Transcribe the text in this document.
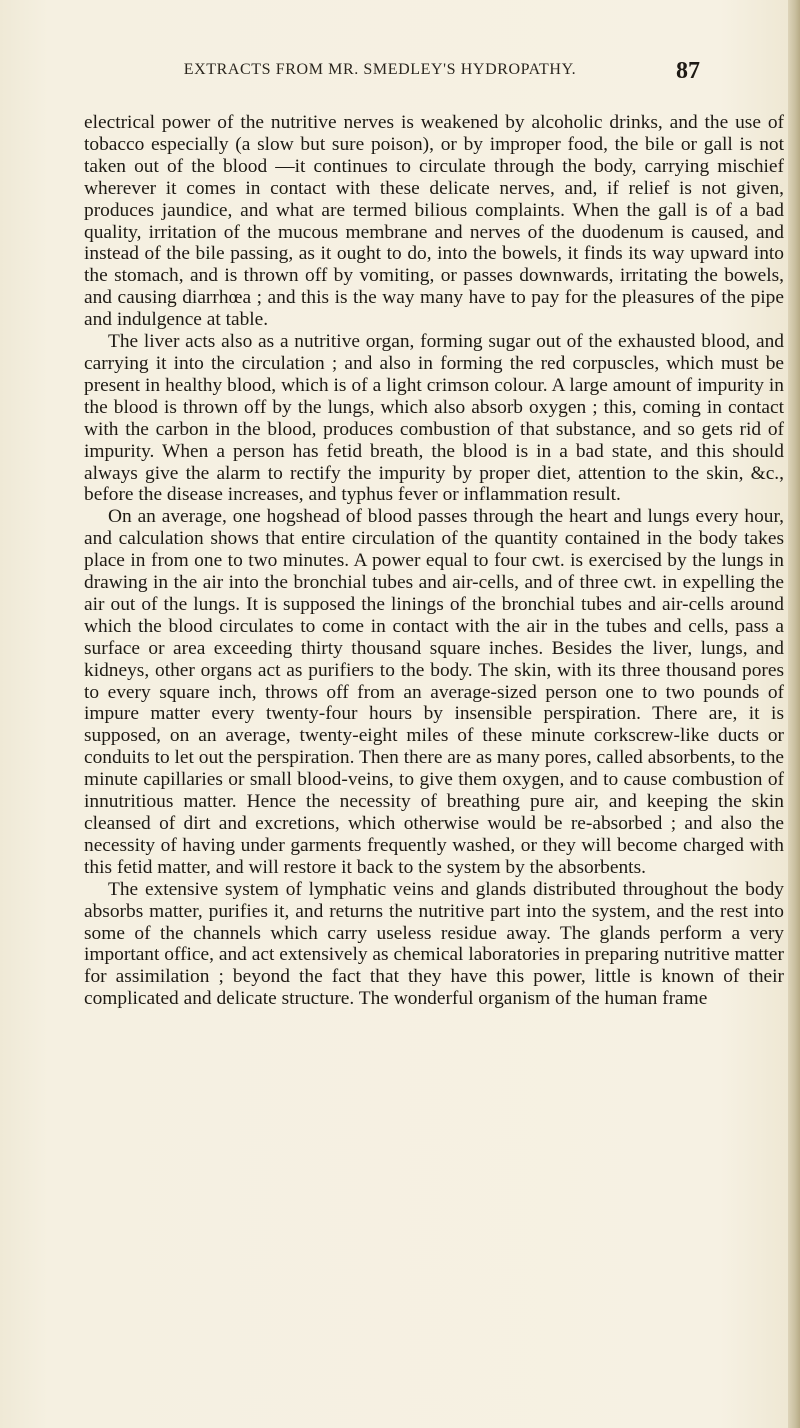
EXTRACTS FROM MR. SMEDLEY'S HYDROPATHY.	87

electrical power of the nutritive nerves is weakened by alcoholic drinks, and the use of tobacco especially (a slow but sure poison), or by improper food, the bile or gall is not taken out of the blood —it continues to circulate through the body, carrying mischief wherever it comes in contact with these delicate nerves, and, if relief is not given, produces jaundice, and what are termed bilious complaints. When the gall is of a bad quality, irritation of the mucous membrane and nerves of the duodenum is caused, and instead of the bile passing, as it ought to do, into the bowels, it finds its way upward into the stomach, and is thrown off by vomiting, or passes downwards, irritating the bowels, and causing diarrhœa ; and this is the way many have to pay for the pleasures of the pipe and indulgence at table.

The liver acts also as a nutritive organ, forming sugar out of the exhausted blood, and carrying it into the circulation ; and also in forming the red corpuscles, which must be present in healthy blood, which is of a light crimson colour. A large amount of impurity in the blood is thrown off by the lungs, which also absorb oxygen ; this, coming in contact with the carbon in the blood, produces combustion of that substance, and so gets rid of impurity. When a person has fetid breath, the blood is in a bad state, and this should always give the alarm to rectify the impurity by proper diet, attention to the skin, &c., before the disease increases, and typhus fever or inflammation result.

On an average, one hogshead of blood passes through the heart and lungs every hour, and calculation shows that entire circulation of the quantity contained in the body takes place in from one to two minutes. A power equal to four cwt. is exercised by the lungs in drawing in the air into the bronchial tubes and air-cells, and of three cwt. in expelling the air out of the lungs. It is supposed the linings of the bronchial tubes and air-cells around which the blood circulates to come in contact with the air in the tubes and cells, pass a surface or area exceeding thirty thousand square inches. Besides the liver, lungs, and kidneys, other organs act as purifiers to the body. The skin, with its three thousand pores to every square inch, throws off from an average-sized person one to two pounds of impure matter every twenty-four hours by insensible perspiration. There are, it is supposed, on an average, twenty-eight miles of these minute corkscrew-like ducts or conduits to let out the perspiration. Then there are as many pores, called absorbents, to the minute capillaries or small blood-veins, to give them oxygen, and to cause combustion of innutritious matter. Hence the necessity of breathing pure air, and keeping the skin cleansed of dirt and excretions, which otherwise would be re-absorbed ; and also the necessity of having under garments frequently washed, or they will become charged with this fetid matter, and will restore it back to the system by the absorbents.

The extensive system of lymphatic veins and glands distributed throughout the body absorbs matter, purifies it, and returns the nutritive part into the system, and the rest into some of the channels which carry useless residue away. The glands perform a very important office, and act extensively as chemical laboratories in preparing nutritive matter for assimilation ; beyond the fact that they have this power, little is known of their complicated and delicate structure. The wonderful organism of the human frame
